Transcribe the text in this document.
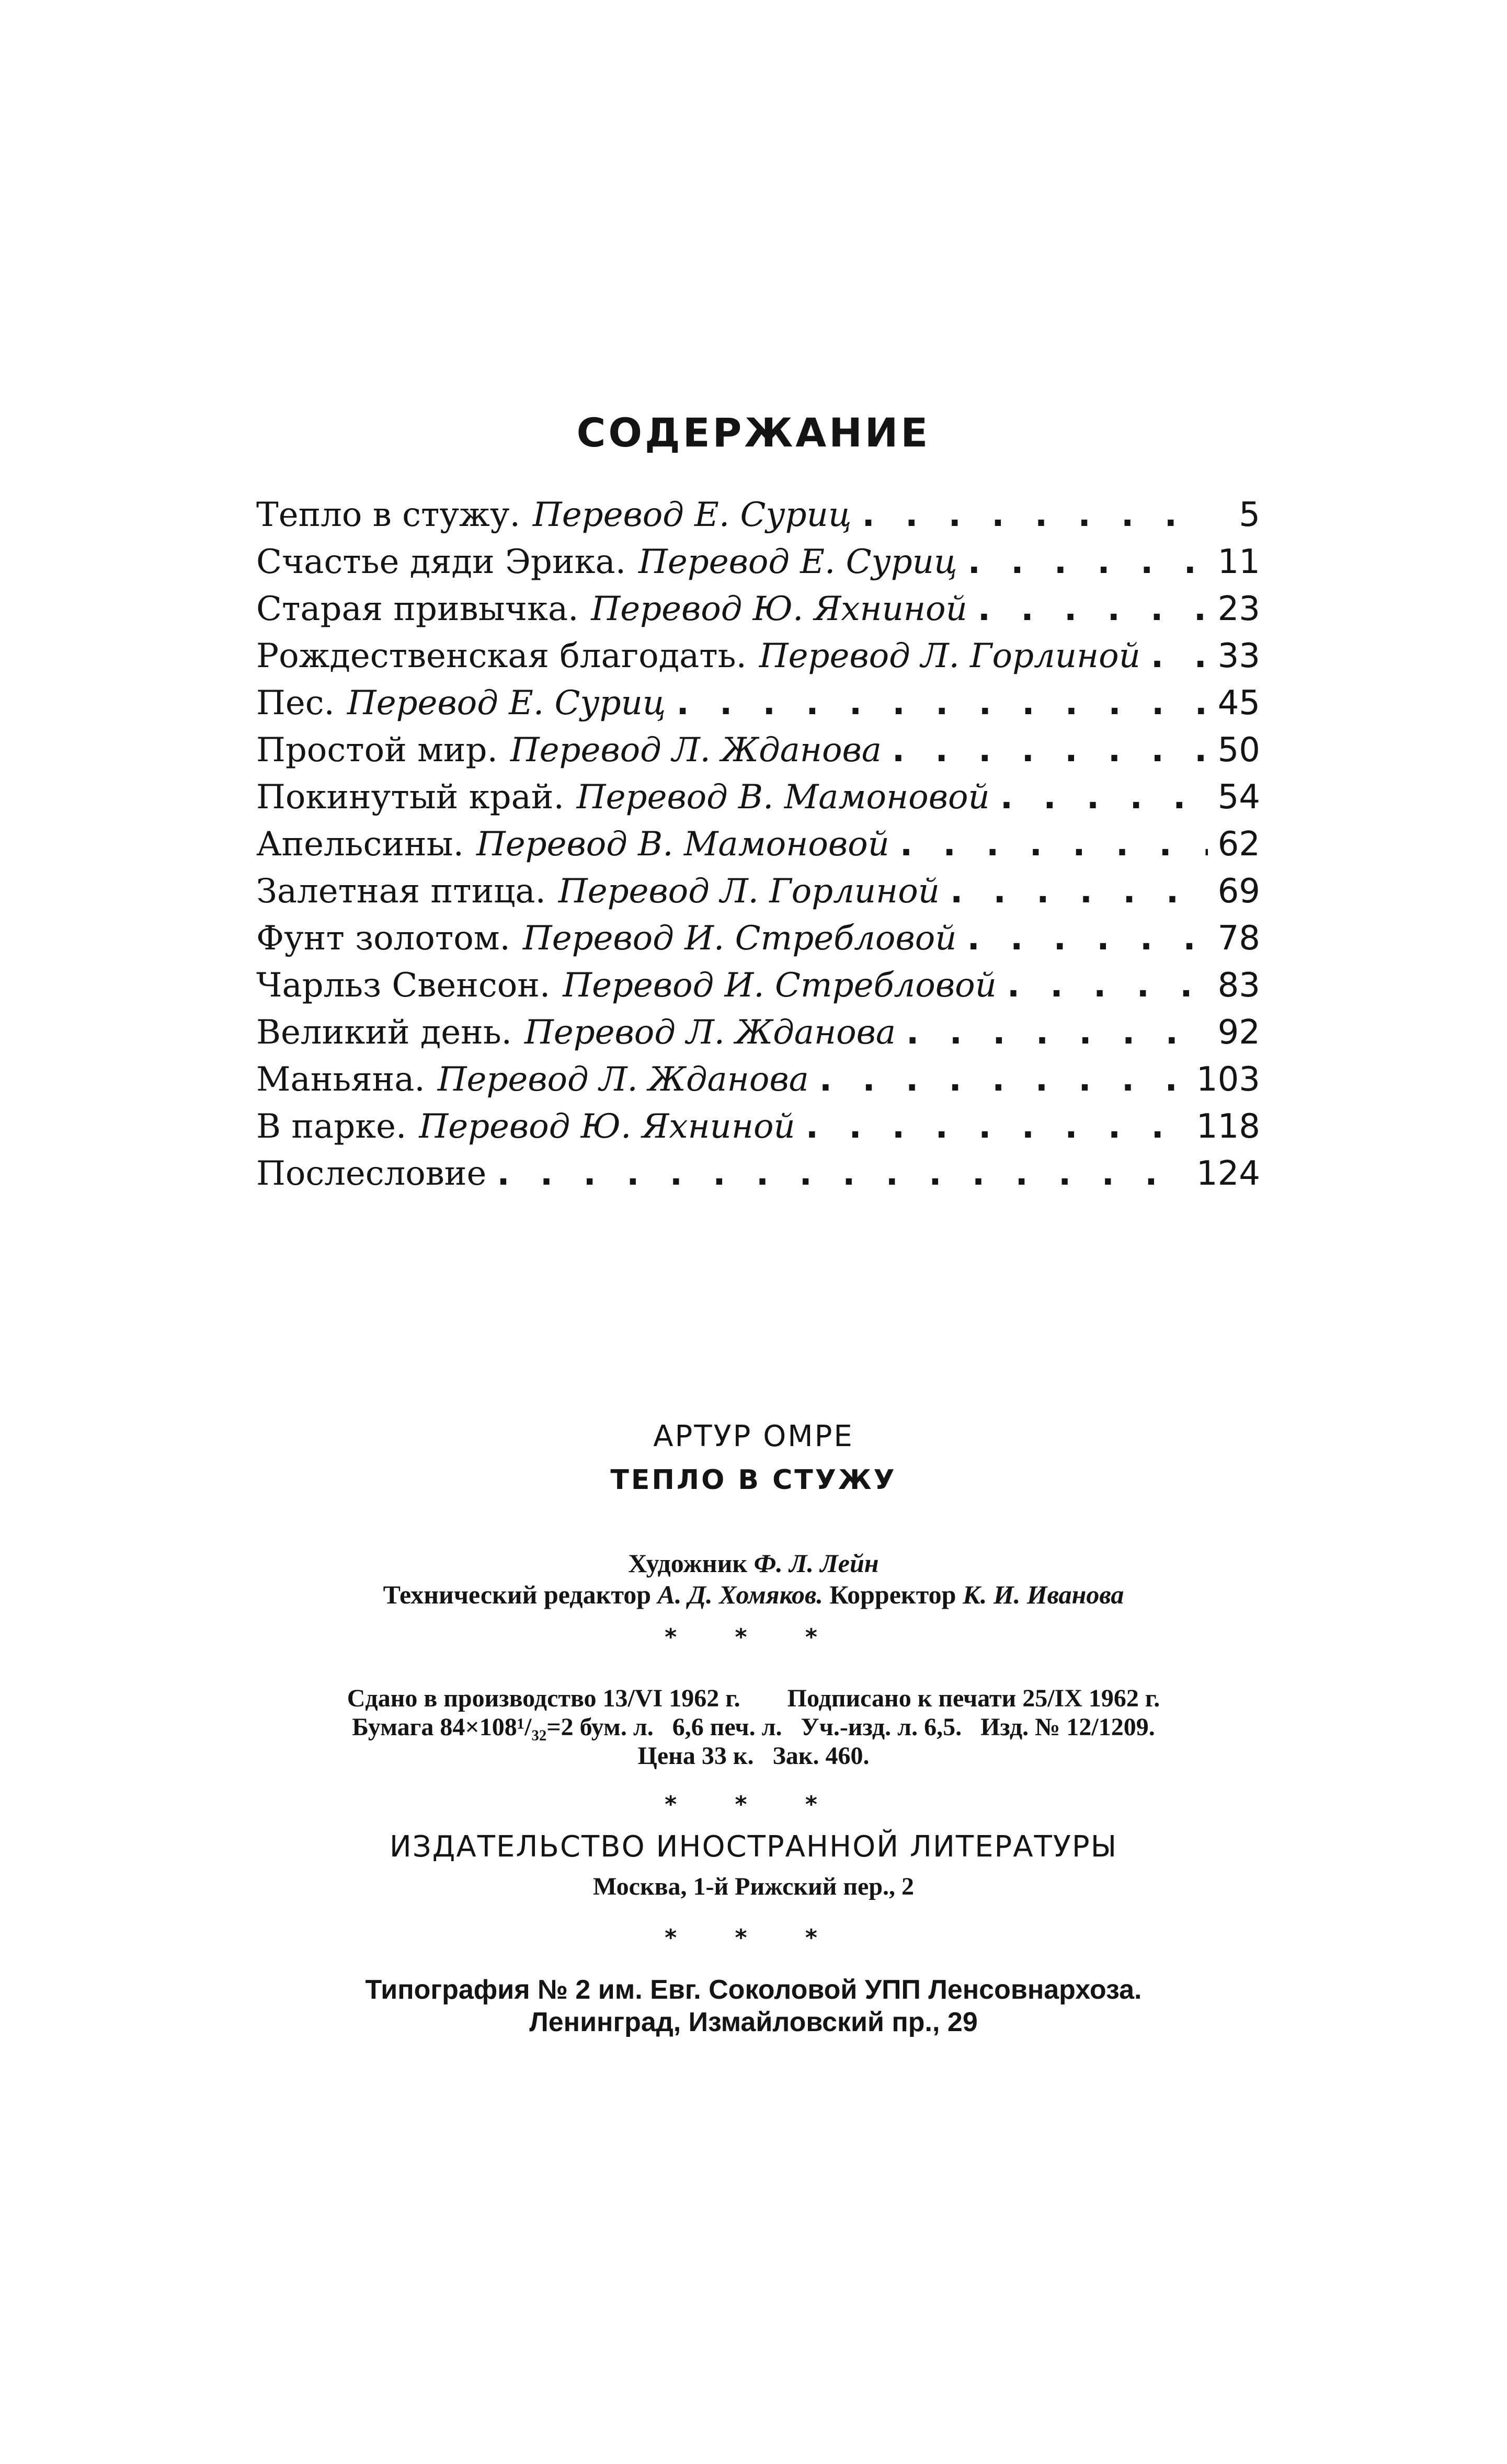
СОДЕРЖАНИЕ
Тепло в стужу. Перевод Е. Суриц . . .	5
Счастье дяди Эрика. Перевод Е. Суриц . . .	11
Старая привычка. Перевод Ю. Яхниной . . .	23
Рождественская благодать. Перевод Л. Горлиной . . . 33
Пес. Перевод Е. Суриц . . .	45
Простой мир. Перевод Л. Жданова . . .	50
Покинутый край. Перевод В. Мамоновой . . .	54
Апельсины. Перевод В. Мамоновой . . .	62
Залетная птица. Перевод Л. Горлиной . . .	69
Фунт золотом. Перевод И. Стребловой . . .	78
Чарльз Свенсон. Перевод И. Стребловой . . .	83
Великий день. Перевод Л. Жданова . . .	92
Маньяна. Перевод Л. Жданова . . .	103
В парке. Перевод Ю. Яхниной . . .	118
Послесловие . . .	124
АРТУР ОМРЕ
ТЕПЛО В СТУЖУ
Художник Ф. Л. Лейн
Технический редактор А. Д. Хомяков. Корректор К. И. Иванова
* * *
Сдано в производство 13/VI 1962 г. Подписано к печати 25/IX 1962 г.
Бумага 84×108¹/₃₂=2 бум. л. 6,6 печ. л. Уч.-изд. л. 6,5. Изд. № 12/1209.
Цена 33 к. Зак. 460.
* * *
ИЗДАТЕЛЬСТВО ИНОСТРАННОЙ ЛИТЕРАТУРЫ
Москва, 1-й Рижский пер., 2
* * *
Типография № 2 им. Евг. Соколовой УПП Ленсовнархоза.
Ленинград, Измайловский пр., 29
